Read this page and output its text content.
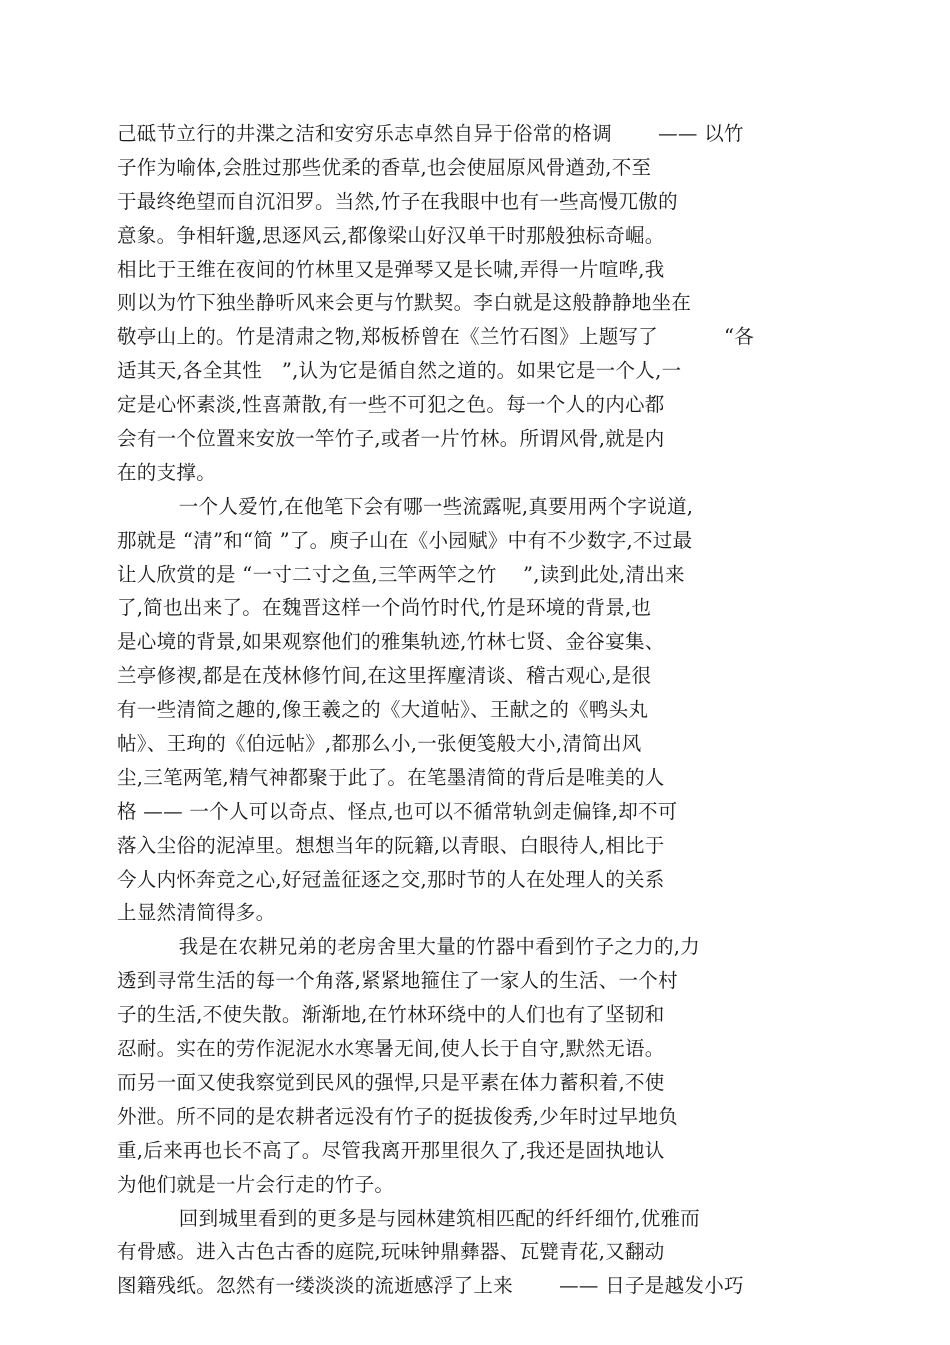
己砥节立行的井渫之洁和安穷乐志卓然自异于俗常的格调　　 —— 以竹
子作为喻体,会胜过那些优柔的香草,也会使屈原风骨遒劲,不至
于最终绝望而自沉汨罗。当然,竹子在我眼中也有一些高慢兀傲的
意象。争相轩邈,思逐风云,都像梁山好汉单干时那般独标奇崛。
相比于王维在夜间的竹林里又是弹琴又是长啸,弄得一片喧哗,我
则以为竹下独坐静听风来会更与竹默契。李白就是这般静静地坐在
敬亭山上的。竹是清肃之物,郑板桥曾在《兰竹石图》上题写了　　　 “各
适其天,各全其性　”,认为它是循自然之道的。如果它是一个人,一
定是心怀素淡,性喜萧散,有一些不可犯之色。每一个人的内心都
会有一个位置来安放一竿竹子,或者一片竹林。所谓风骨,就是内
在的支撑。
　一个人爱竹,在他笔下会有哪一些流露呢,真要用两个字说道,
那就是 “清”和“简 ”了。庾子山在《小园赋》中有不少数字,不过最
让人欣赏的是 “一寸二寸之鱼,三竿两竿之竹　 ”,读到此处,清出来
了,简也出来了。在魏晋这样一个尚竹时代,竹是环境的背景,也
是心境的背景,如果观察他们的雅集轨迹,竹林七贤、金谷宴集、
兰亭修禊,都是在茂林修竹间,在这里挥麈清谈、稽古观心,是很
有一些清简之趣的,像王羲之的《大道帖》、王献之的《鸭头丸
帖》、王珣的《伯远帖》,都那么小,一张便笺般大小,清简出风
尘,三笔两笔,精气神都聚于此了。在笔墨清简的背后是唯美的人
格 —— 一个人可以奇点、怪点,也可以不循常轨剑走偏锋,却不可
落入尘俗的泥淖里。想想当年的阮籍,以青眼、白眼待人,相比于
今人内怀奔竞之心,好冠盖征逐之交,那时节的人在处理人的关系
上显然清简得多。
　我是在农耕兄弟的老房舍里大量的竹器中看到竹子之力的,力
透到寻常生活的每一个角落,紧紧地箍住了一家人的生活、一个村
子的生活,不使失散。渐渐地,在竹林环绕中的人们也有了坚韧和
忍耐。实在的劳作泥泥水水寒暑无间,使人长于自守,默然无语。
而另一面又使我察觉到民风的强悍,只是平素在体力蓄积着,不使
外泄。所不同的是农耕者远没有竹子的挺拔俊秀,少年时过早地负
重,后来再也长不高了。尽管我离开那里很久了,我还是固执地认
为他们就是一片会行走的竹子。
　回到城里看到的更多是与园林建筑相匹配的纤纤细竹,优雅而
有骨感。进入古色古香的庭院,玩味钟鼎彝器、瓦甓青花,又翻动
图籍残纸。忽然有一缕淡淡的流逝感浮了上来　　 —— 日子是越发小巧
